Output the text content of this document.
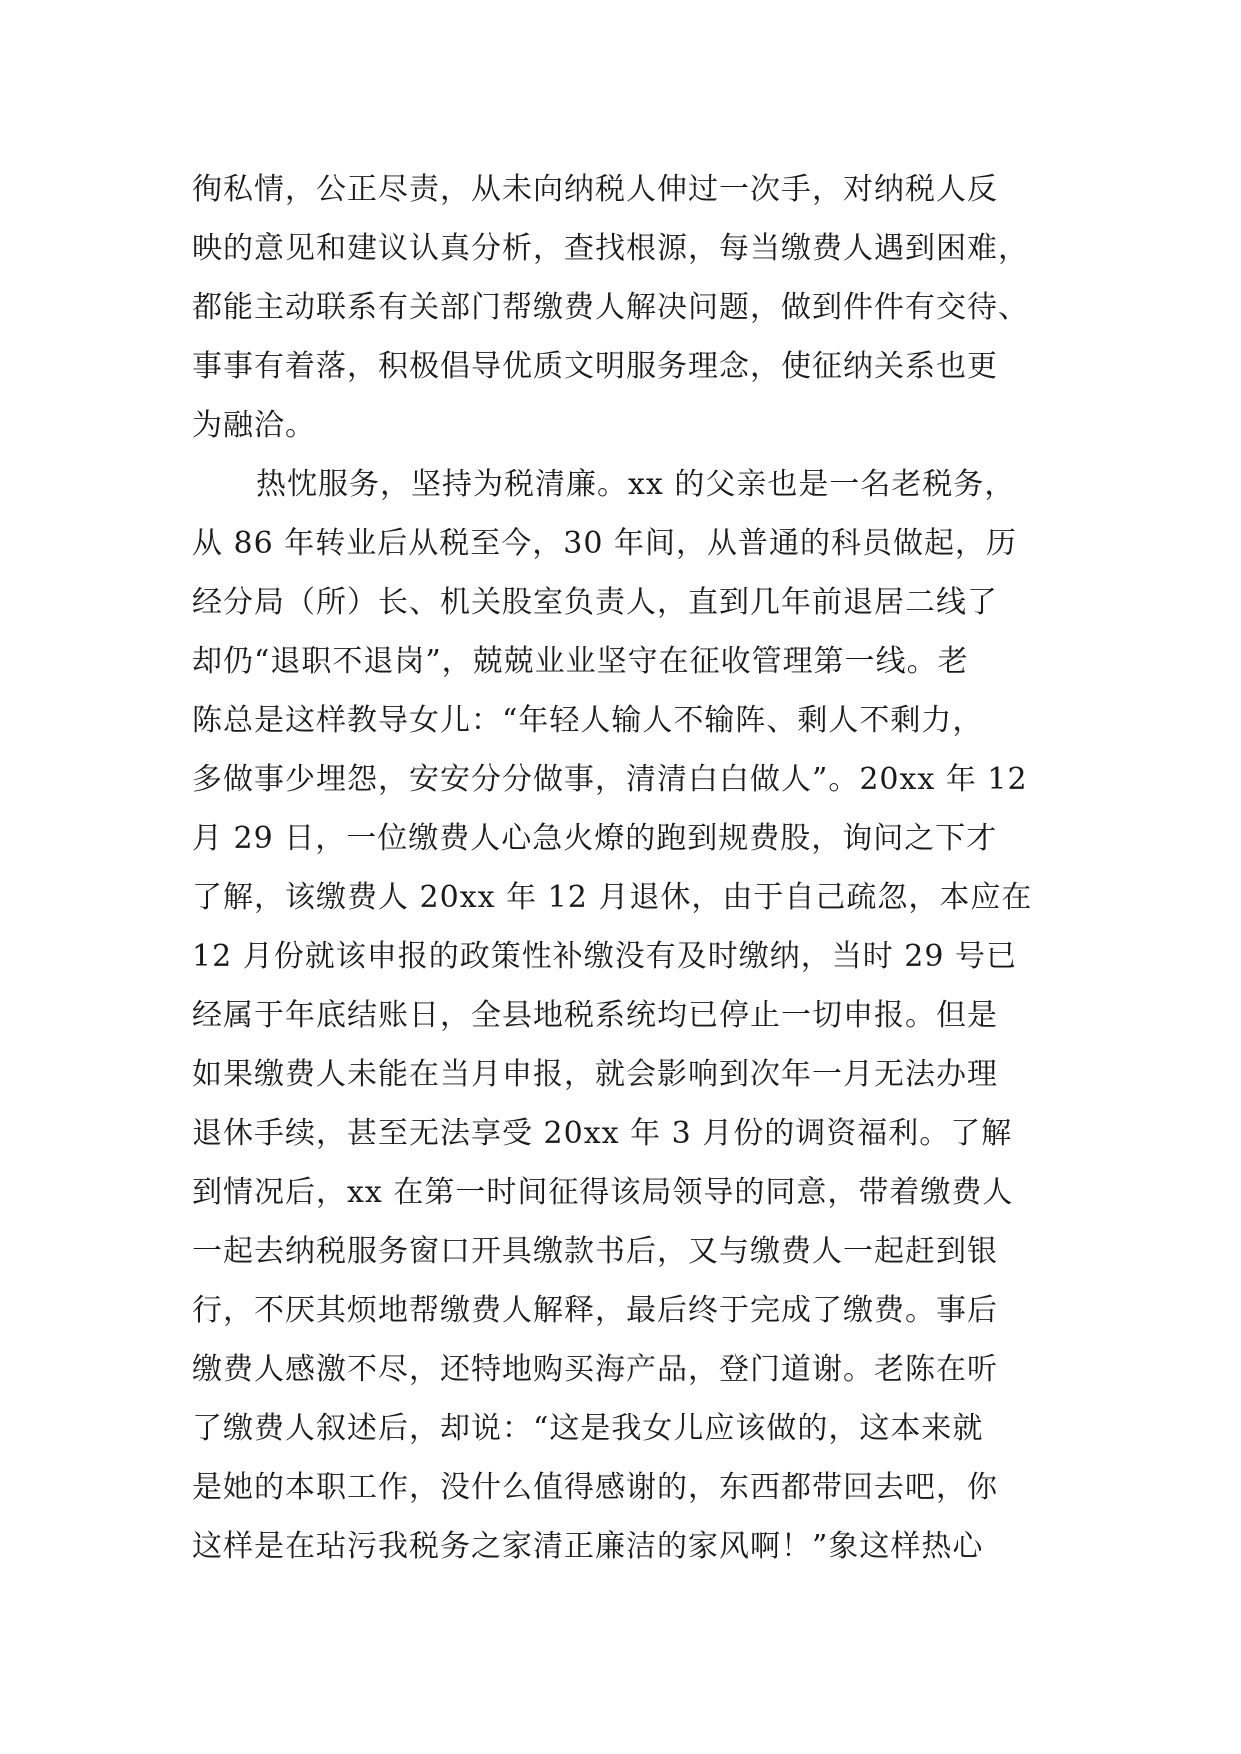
徇私情，公正尽责，从未向纳税人伸过一次手，对纳税人反
映的意见和建议认真分析，查找根源，每当缴费人遇到困难，
都能主动联系有关部门帮缴费人解决问题，做到件件有交待、
事事有着落，积极倡导优质文明服务理念，使征纳关系也更
为融洽。
热忱服务，坚持为税清廉。xx 的父亲也是一名老税务，
从 86 年转业后从税至今，30 年间，从普通的科员做起，历
经分局（所）长、机关股室负责人，直到几年前退居二线了
却仍“退职不退岗”，兢兢业业坚守在征收管理第一线。老
陈总是这样教导女儿：“年轻人输人不输阵、剩人不剩力，
多做事少埋怨，安安分分做事，清清白白做人”。20xx 年 12
月 29 日，一位缴费人心急火燎的跑到规费股，询问之下才
了解，该缴费人 20xx 年 12 月退休，由于自己疏忽，本应在
12 月份就该申报的政策性补缴没有及时缴纳，当时 29 号已
经属于年底结账日，全县地税系统均已停止一切申报。但是
如果缴费人未能在当月申报，就会影响到次年一月无法办理
退休手续，甚至无法享受 20xx 年 3 月份的调资福利。了解
到情况后，xx 在第一时间征得该局领导的同意，带着缴费人
一起去纳税服务窗口开具缴款书后，又与缴费人一起赶到银
行，不厌其烦地帮缴费人解释，最后终于完成了缴费。事后
缴费人感激不尽，还特地购买海产品，登门道谢。老陈在听
了缴费人叙述后，却说：“这是我女儿应该做的，这本来就
是她的本职工作，没什么值得感谢的，东西都带回去吧，你
这样是在玷污我税务之家清正廉洁的家风啊！”象这样热心
